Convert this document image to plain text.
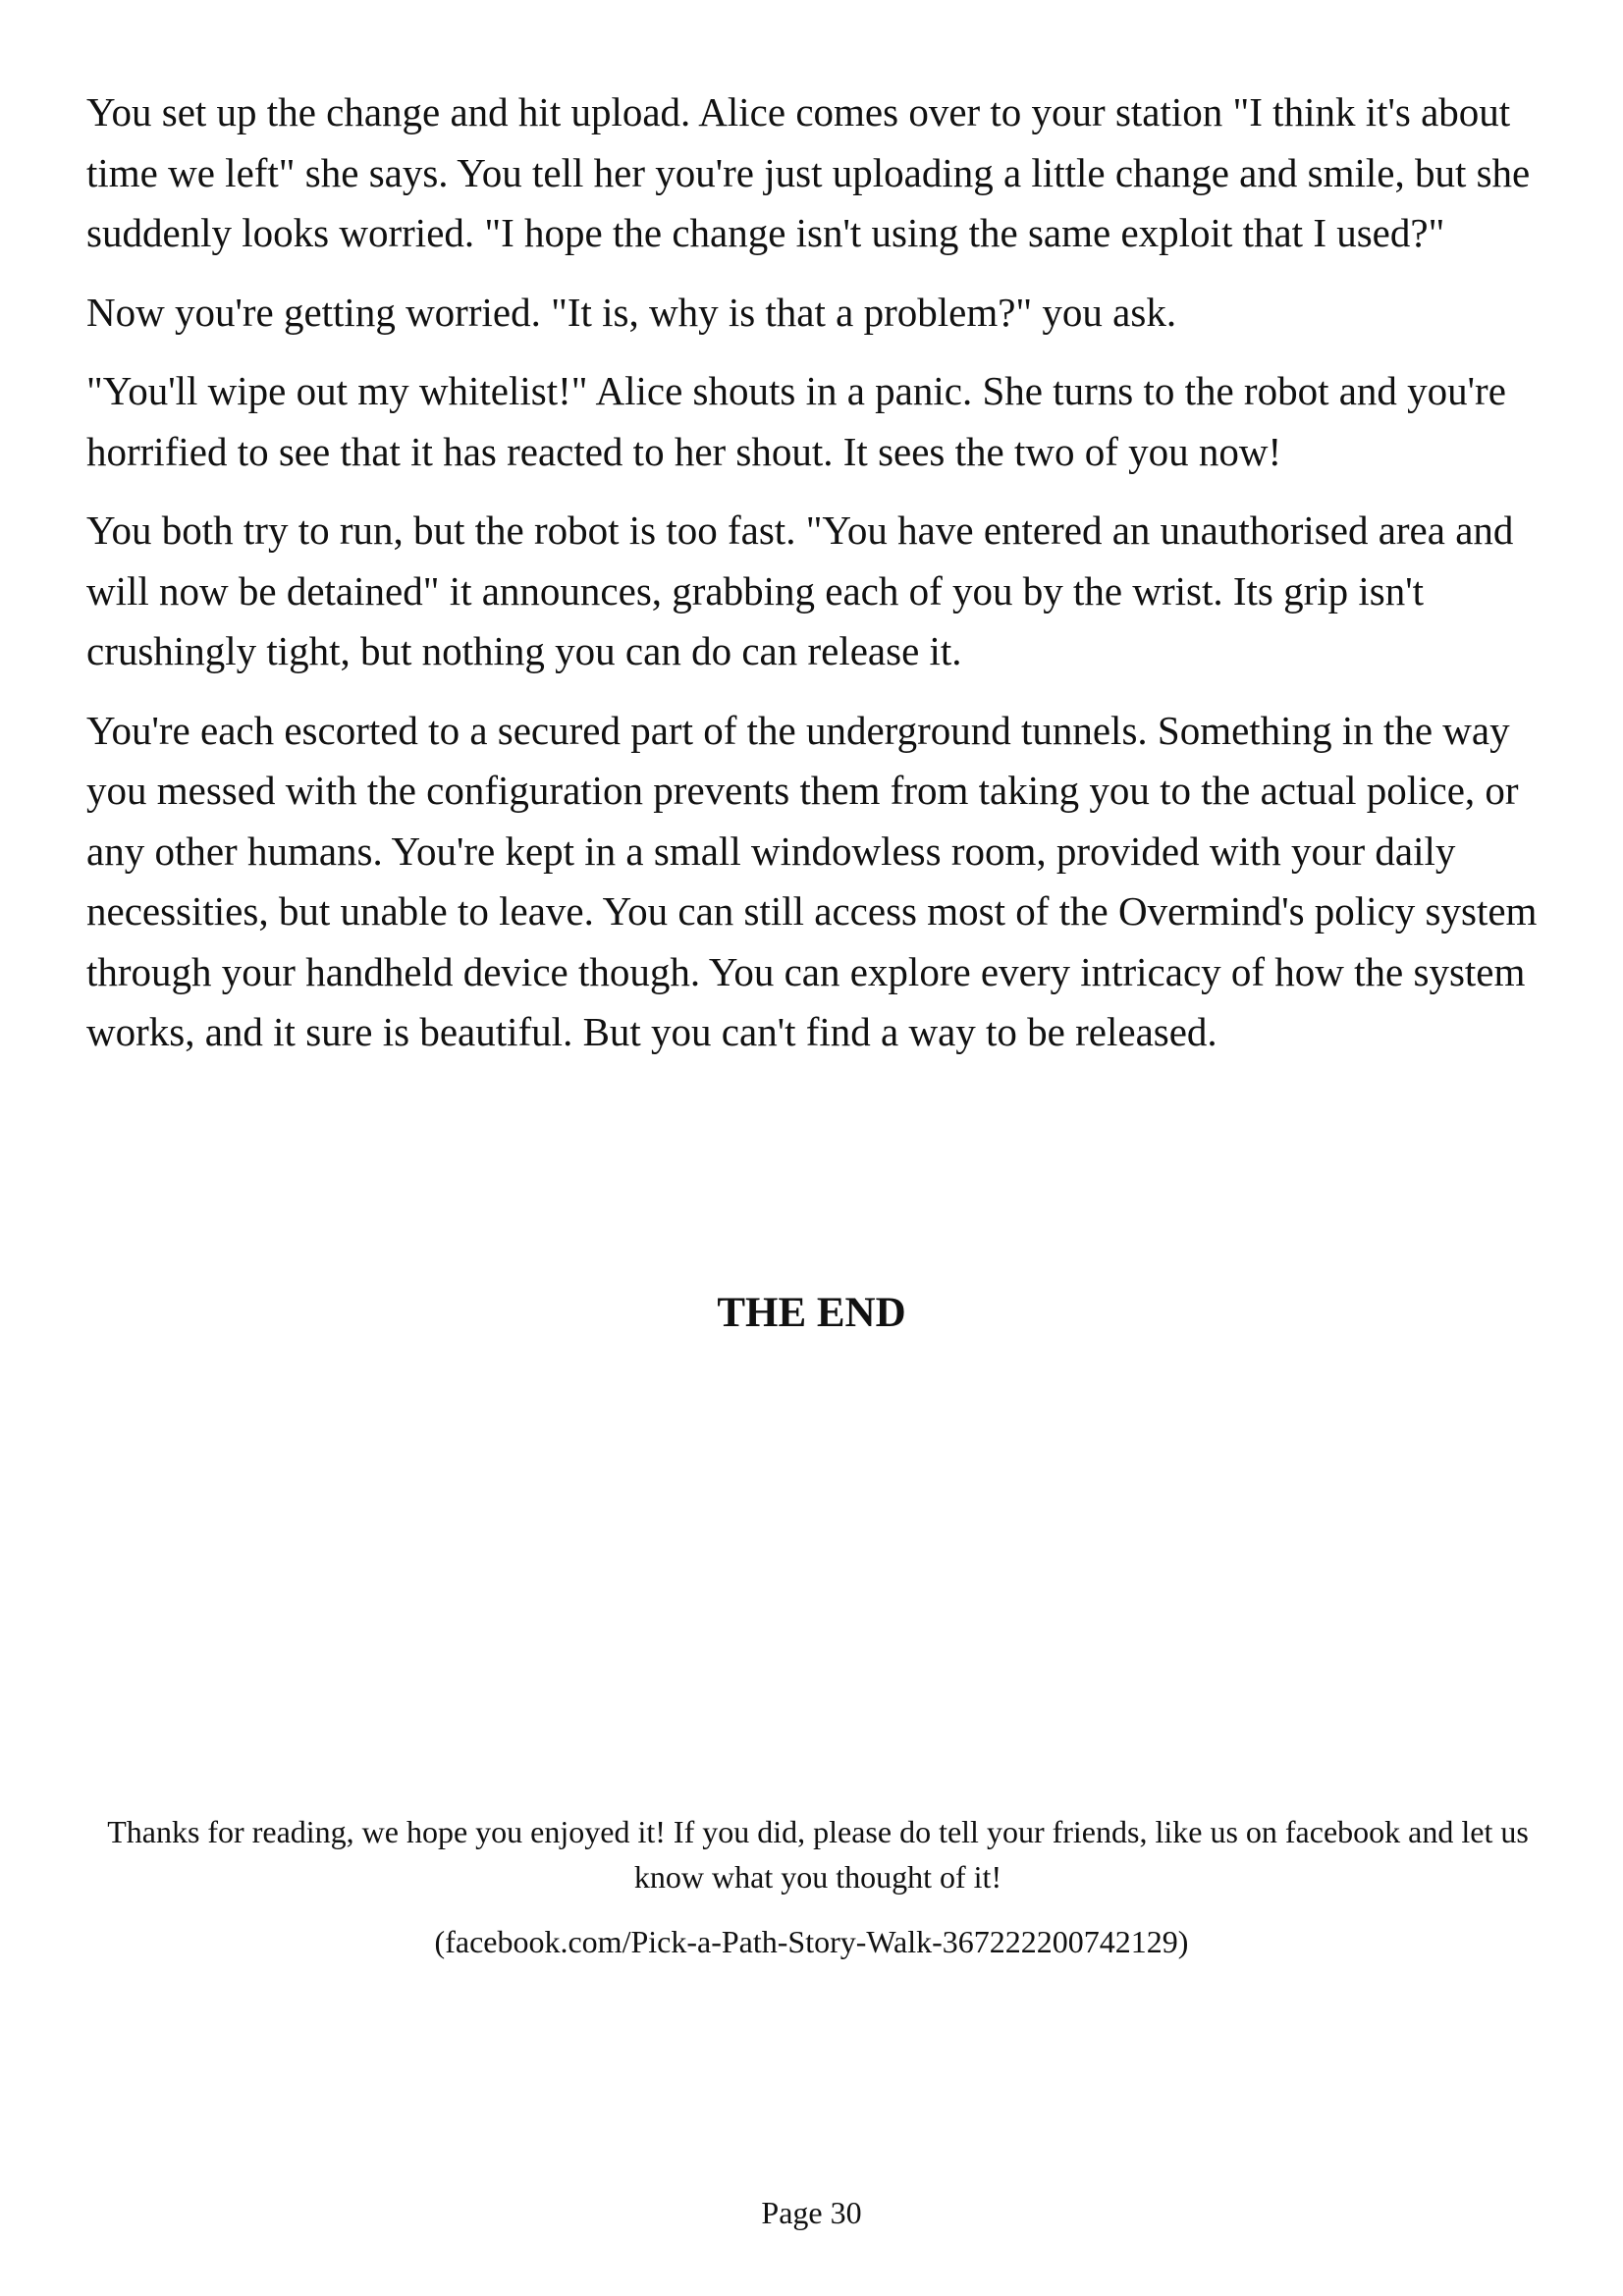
You set up the change and hit upload. Alice comes over to your station "I think it's about time we left" she says. You tell her you're just uploading a little change and smile, but she suddenly looks worried. "I hope the change isn't using the same exploit that I used?"

Now you're getting worried. "It is, why is that a problem?" you ask.

"You'll wipe out my whitelist!" Alice shouts in a panic. She turns to the robot and you're horrified to see that it has reacted to her shout. It sees the two of you now!

You both try to run, but the robot is too fast. "You have entered an unauthorised area and will now be detained" it announces, grabbing each of you by the wrist. Its grip isn't crushingly tight, but nothing you can do can release it.

You're each escorted to a secured part of the underground tunnels. Something in the way you messed with the configuration prevents them from taking you to the actual police, or any other humans. You're kept in a small windowless room, provided with your daily necessities, but unable to leave. You can still access most of the Overmind's policy system through your handheld device though. You can explore every intricacy of how the system works, and it sure is beautiful. But you can't find a way to be released.

THE END

Thanks for reading, we hope you enjoyed it! If you did, please do tell your friends, like us on facebook and let us know what you thought of it!

(facebook.com/Pick-a-Path-Story-Walk-367222200742129)

Page 30
